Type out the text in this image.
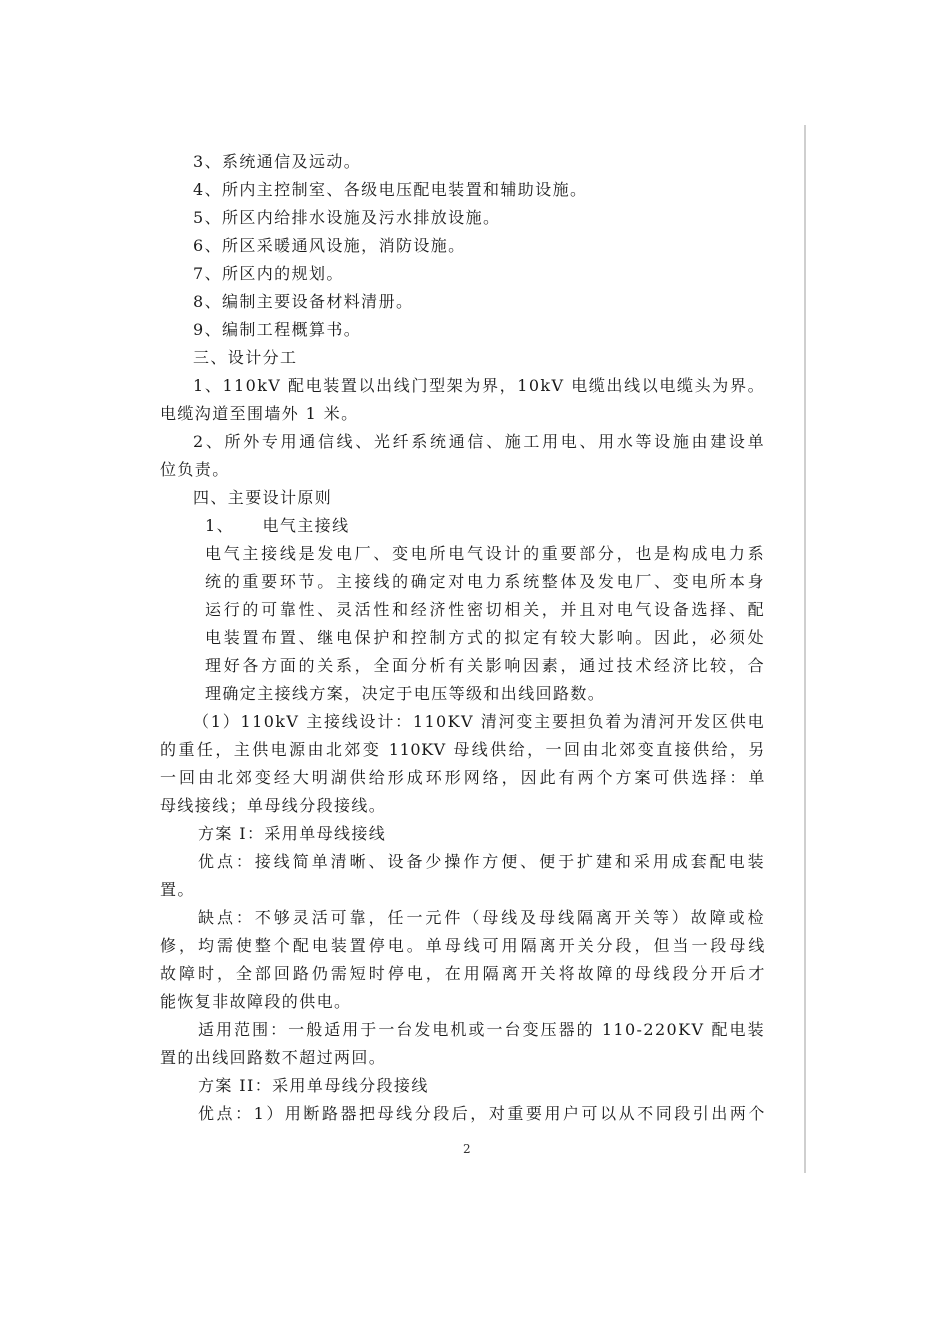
3、系统通信及远动。
4、所内主控制室、各级电压配电装置和辅助设施。
5、所区内给排水设施及污水排放设施。
6、所区采暖通风设施，消防设施。
7、所区内的规划。
8、编制主要设备材料清册。
9、编制工程概算书。
三、设计分工
1、110kV 配电装置以出线门型架为界，10kV 电缆出线以电缆头为界。
电缆沟道至围墙外 1 米。
2、所外专用通信线、光纤系统通信、施工用电、用水等设施由建设单
位负责。
四、主要设计原则
1、 电气主接线
电气主接线是发电厂、变电所电气设计的重要部分，也是构成电力系
统的重要环节。主接线的确定对电力系统整体及发电厂、变电所本身
运行的可靠性、灵活性和经济性密切相关，并且对电气设备选择、配
电装置布置、继电保护和控制方式的拟定有较大影响。因此，必须处
理好各方面的关系，全面分析有关影响因素，通过技术经济比较，合
理确定主接线方案，决定于电压等级和出线回路数。
（1）110kV 主接线设计：110KV 清河变主要担负着为清河开发区供电
的重任，主供电源由北郊变 110KV 母线供给，一回由北郊变直接供给，另
一回由北郊变经大明湖供给形成环形网络，因此有两个方案可供选择：单
母线接线；单母线分段接线。
方案 I：采用单母线接线
优点：接线简单清晰、设备少操作方便、便于扩建和采用成套配电装
置。
缺点：不够灵活可靠，任一元件（母线及母线隔离开关等）故障或检
修，均需使整个配电装置停电。单母线可用隔离开关分段，但当一段母线
故障时，全部回路仍需短时停电，在用隔离开关将故障的母线段分开后才
能恢复非故障段的供电。
适用范围：一般适用于一台发电机或一台变压器的 110-220KV 配电装
置的出线回路数不超过两回。
方案 II：采用单母线分段接线
优点：1）用断路器把母线分段后，对重要用户可以从不同段引出两个
2
